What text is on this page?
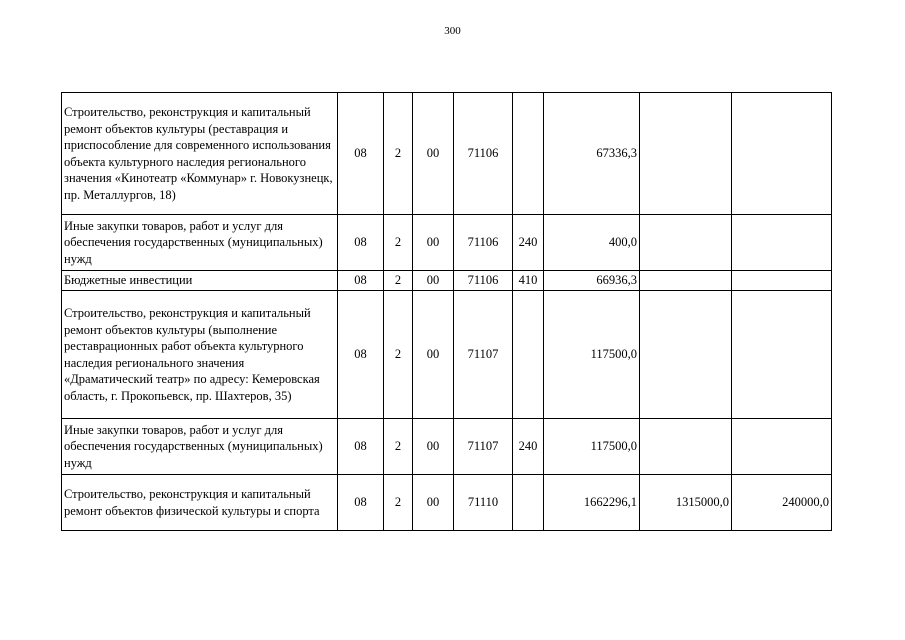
300
Строительство, реконструкция и капитальный ремонт объектов культуры (реставрация и приспособление для современного использования объекта культурного наследия регионального значения «Кинотеатр «Коммунар» г. Новокузнецк, пр. Металлургов, 18)	08	2	00	71106		67336,3		
Иные закупки товаров, работ и услуг для обеспечения государственных (муниципальных) нужд	08	2	00	71106	240	400,0		
Бюджетные инвестиции	08	2	00	71106	410	66936,3		
Строительство, реконструкция и капитальный ремонт объектов культуры (выполнение реставрационных работ объекта культурного наследия регионального значения «Драматический театр» по адресу: Кемеровская область, г. Прокопьевск, пр. Шахтеров, 35)	08	2	00	71107		117500,0		
Иные закупки товаров, работ и услуг для обеспечения государственных (муниципальных) нужд	08	2	00	71107	240	117500,0		
Строительство, реконструкция и капитальный ремонт объектов физической культуры и спорта	08	2	00	71110		1662296,1	1315000,0	240000,0
